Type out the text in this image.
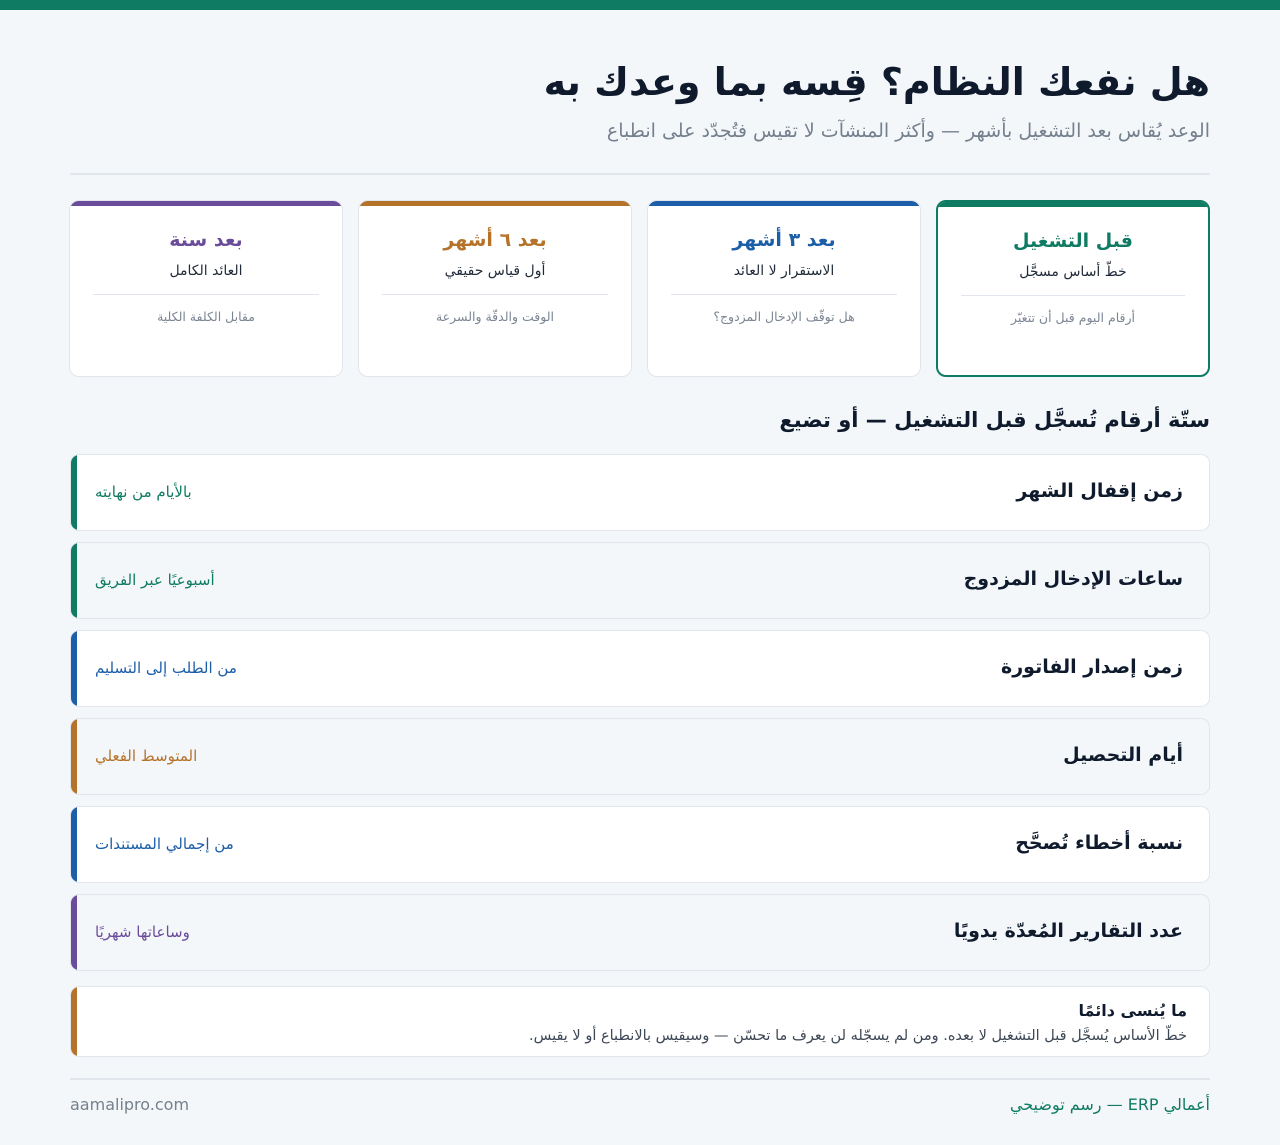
هل نفعك النظام؟ قِسه بما وعدك به

الوعد يُقاس بعد التشغيل بأشهر — وأكثر المنشآت لا تقيس فتُجدّد على انطباع

قبل التشغيل
خطّ أساس مسجَّل
أرقام اليوم قبل أن تتغيّر
بعد ٣ أشهر
الاستقرار لا العائد
هل توقّف الإدخال المزدوج؟
بعد ٦ أشهر
أول قياس حقيقي
الوقت والدقّة والسرعة
بعد سنة
العائد الكامل
مقابل الكلفة الكلية
ستّة أرقام تُسجَّل قبل التشغيل — أو تضيع
زمن إقفال الشهر
بالأيام من نهايته
ساعات الإدخال المزدوج
أسبوعيًا عبر الفريق
زمن إصدار الفاتورة
من الطلب إلى التسليم
أيام التحصيل
المتوسط الفعلي
نسبة أخطاء تُصحَّح
من إجمالي المستندات
عدد التقارير المُعدّة يدويًا
وساعاتها شهريًا
ما يُنسى دائمًا
خطّ الأساس يُسجَّل قبل التشغيل لا بعده. ومن لم يسجّله لن يعرف ما تحسّن — وسيقيس بالانطباع أو لا يقيس.
أعمالي ERP — رسم توضيحي
aamalipro.com
